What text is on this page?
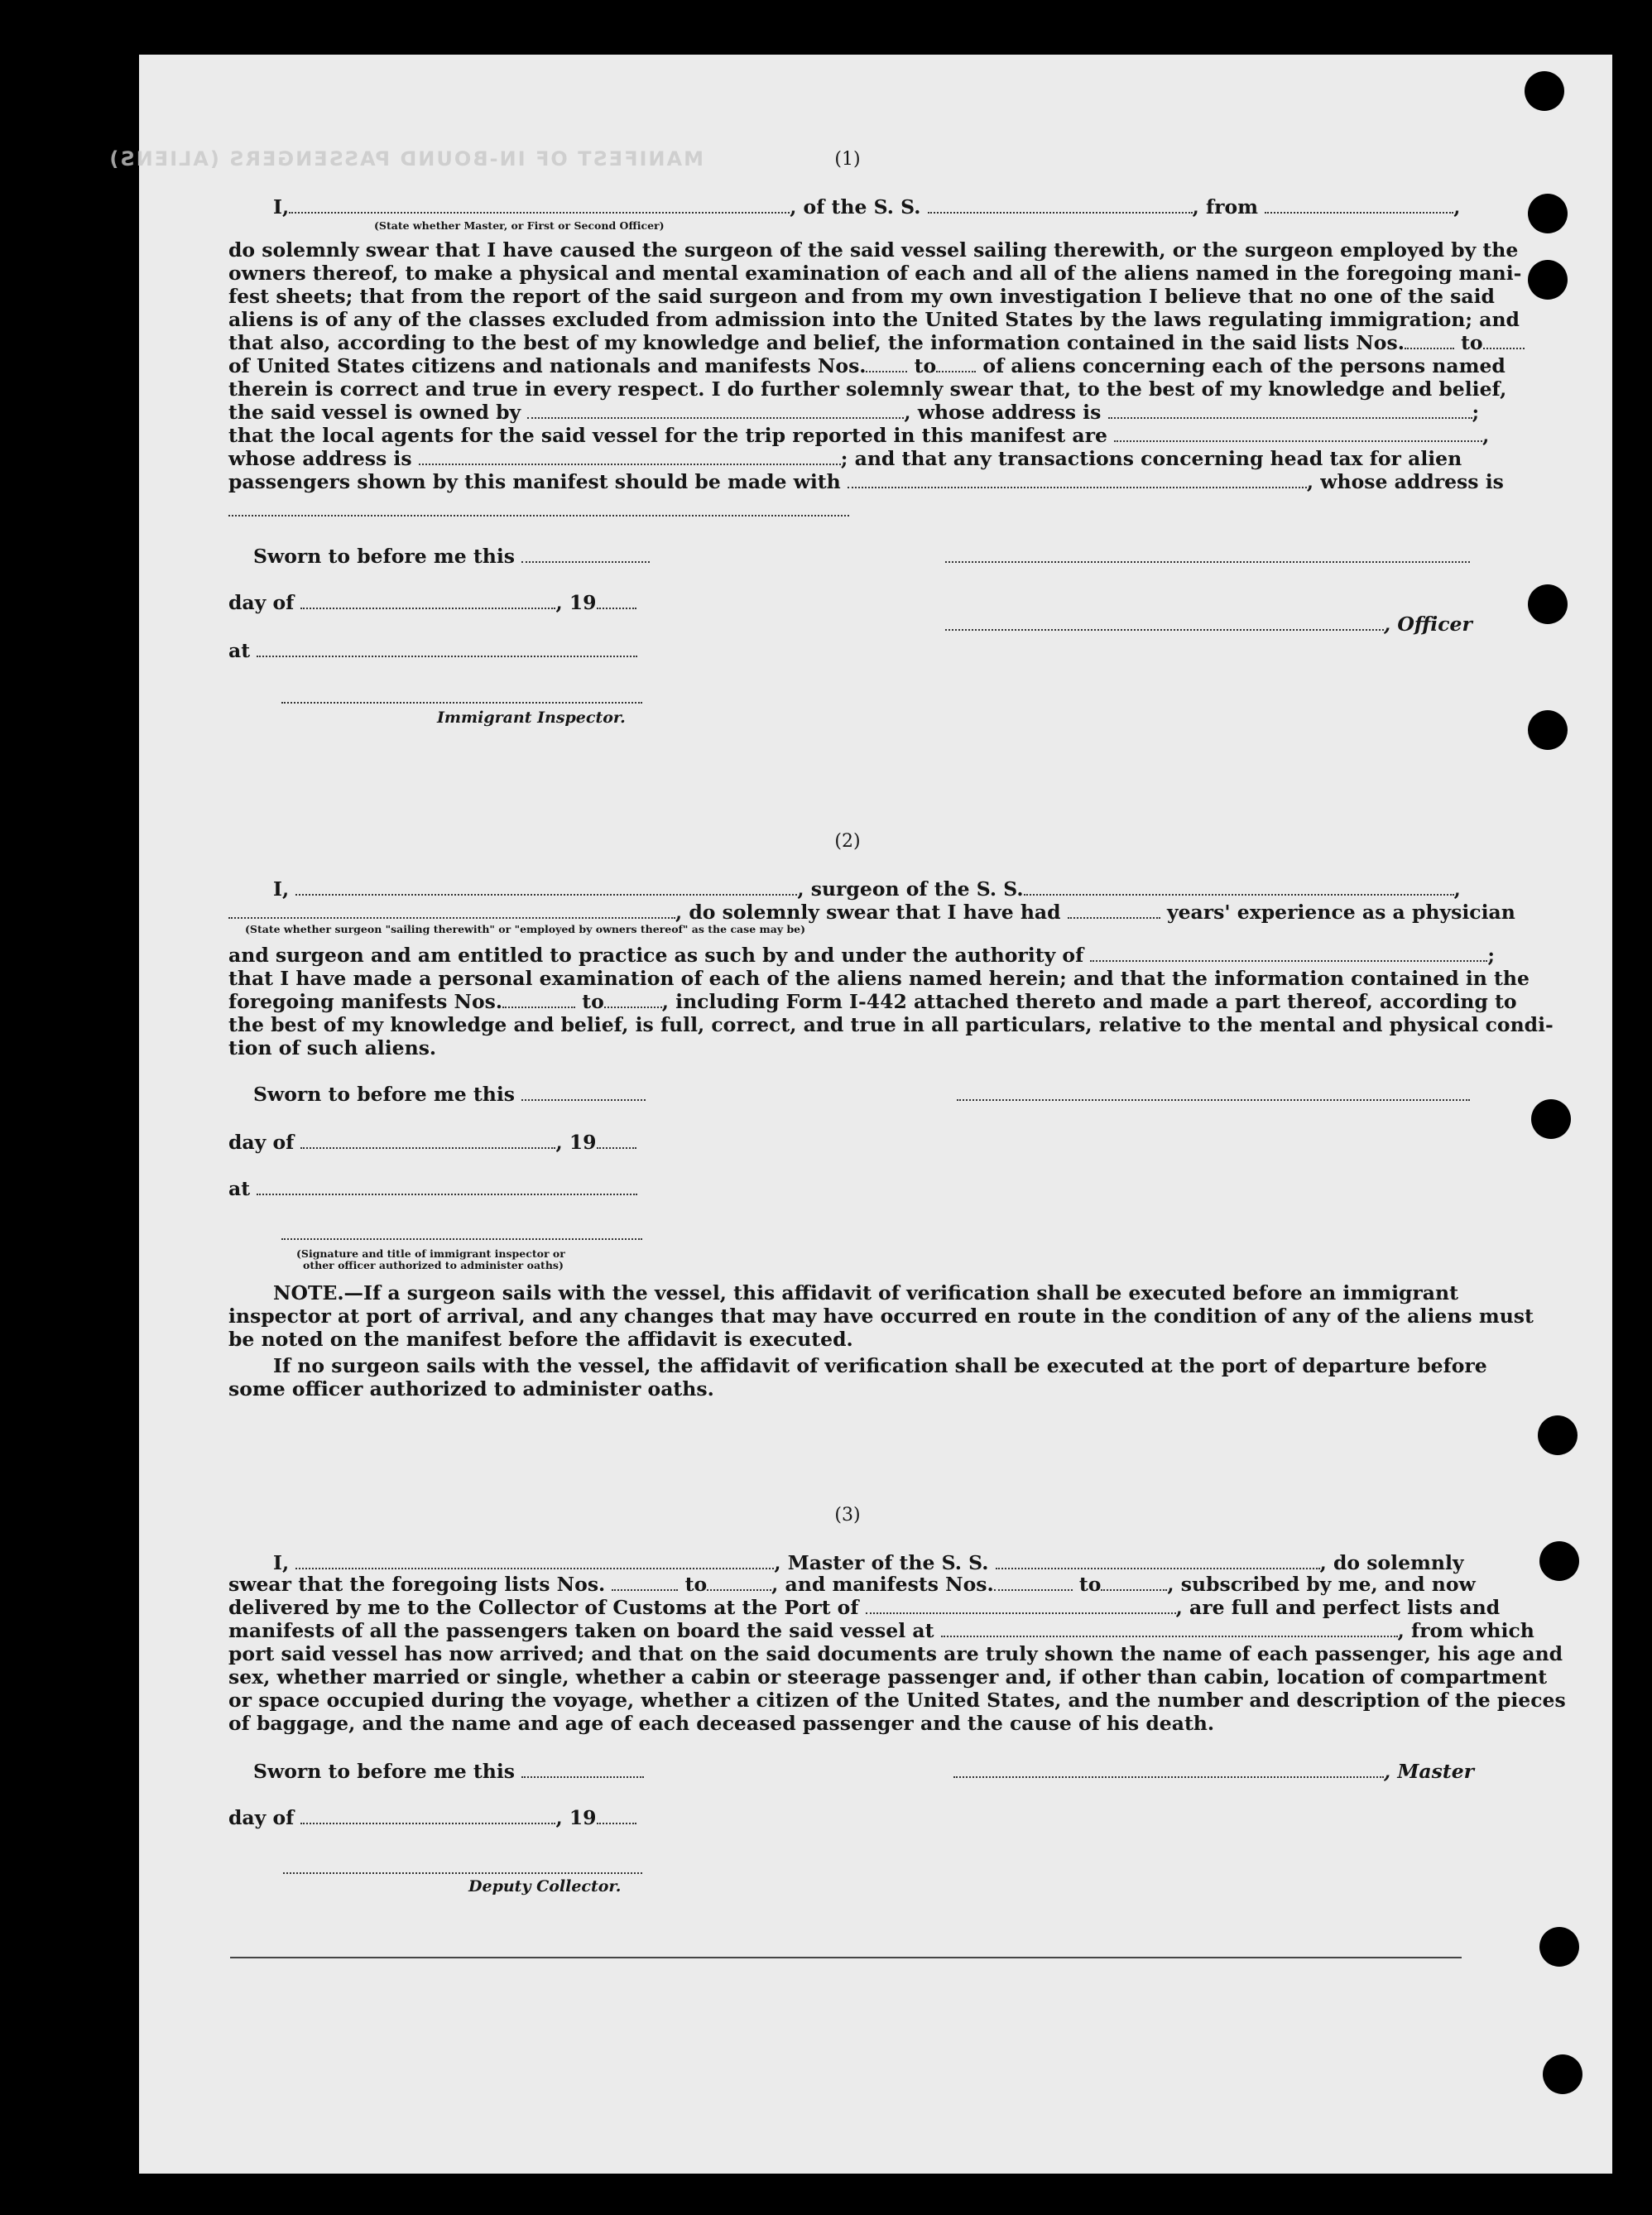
MANIFEST OF IN-BOUND PASSENGERS (ALIENS)	(1)
I,	, of the S. S.	, from	,
(State whether Master, or First or Second Officer)
do solemnly swear that I have caused the surgeon of the said vessel sailing therewith, or the surgeon employed by the
owners thereof, to make a physical and mental examination of each and all of the aliens named in the foregoing mani-
fest sheets; that from the report of the said surgeon and from my own investigation I believe that no one of the said
aliens is of any of the classes excluded from admission into the United States by the laws regulating immigration; and
that also, according to the best of my knowledge and belief, the information contained in the said lists Nos.	to
of United States citizens and nationals and manifests Nos. to of aliens concerning each of the persons named
therein is correct and true in every respect. I do further solemnly swear that, to the best of my knowledge and belief,
the said vessel is owned by	, whose address is	;
that the local agents for the said vessel for the trip reported in this manifest are	,
whose address is	; and that any transactions concerning head tax for alien
passengers shown by this manifest should be made with	, whose address is
Sworn to before me this
day of	, 19
, Officer
at
Immigrant Inspector.
(2)
I,	, surgeon of the S. S.	,
, do solemnly swear that I have had	years' experience as a physician
(State whether surgeon "sailing therewith" or "employed by owners thereof" as the case may be)
and surgeon and am entitled to practice as such by and under the authority of	;
that I have made a personal examination of each of the aliens named herein; and that the information contained in the
foregoing manifests Nos.	to	, including Form I-442 attached thereto and made a part thereof, according to
the best of my knowledge and belief, is full, correct, and true in all particulars, relative to the mental and physical condi-
tion of such aliens.
Sworn to before me this
day of	, 19
at
(Signature and title of immigrant inspector or
other officer authorized to administer oaths)
NOTE.—If a surgeon sails with the vessel, this affidavit of verification shall be executed before an immigrant
inspector at port of arrival, and any changes that may have occurred en route in the condition of any of the aliens must
be noted on the manifest before the affidavit is executed.
If no surgeon sails with the vessel, the affidavit of verification shall be executed at the port of departure before
some officer authorized to administer oaths.
(3)
I,	, Master of the S. S.	, do solemnly
swear that the foregoing lists Nos.	to	, and manifests Nos.	to	, subscribed by me, and now
delivered by me to the Collector of Customs at the Port of	, are full and perfect lists and
manifests of all the passengers taken on board the said vessel at	, from which
port said vessel has now arrived; and that on the said documents are truly shown the name of each passenger, his age and
sex, whether married or single, whether a cabin or steerage passenger and, if other than cabin, location of compartment
or space occupied during the voyage, whether a citizen of the United States, and the number and description of the pieces
of baggage, and the name and age of each deceased passenger and the cause of his death.
Sworn to before me this	, Master
day of	, 19
Deputy Collector.
